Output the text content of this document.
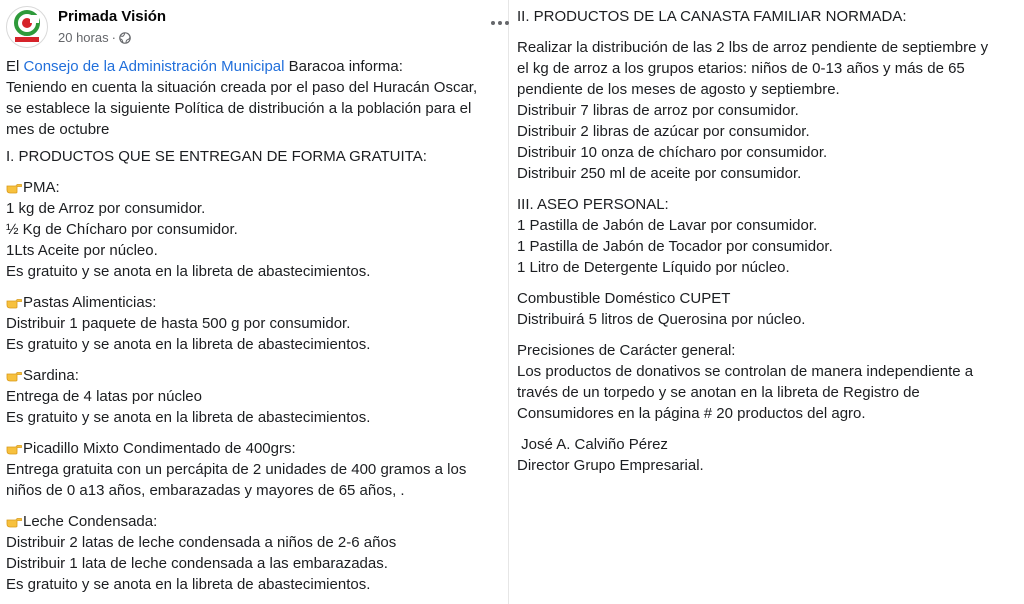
Primada Visión
20 horas ·
El Consejo de la Administración Municipal Baracoa informa:
Teniendo en cuenta la situación creada por el paso del Huracán Oscar,
se establece la siguiente Política de distribución a la población para el
mes de octubre
I. PRODUCTOS QUE SE ENTREGAN DE FORMA GRATUITA:
PMA:
1 kg de Arroz por consumidor.
½ Kg de Chícharo por consumidor.
1Lts Aceite por núcleo.
Es gratuito y se anota en la libreta de abastecimientos.
Pastas Alimenticias:
Distribuir 1 paquete de hasta 500 g por consumidor.
Es gratuito y se anota en la libreta de abastecimientos.
Sardina:
Entrega de 4 latas por núcleo
Es gratuito y se anota en la libreta de abastecimientos.
Picadillo Mixto Condimentado de 400grs:
Entrega gratuita con un percápita de 2 unidades de 400 gramos a los
niños de 0 a13 años, embarazadas y mayores de 65 años, .
Leche Condensada:
Distribuir 2 latas de leche condensada a niños de 2-6 años
Distribuir 1 lata de leche condensada a las embarazadas.
Es gratuito y se anota en la libreta de abastecimientos.
II. PRODUCTOS DE LA CANASTA FAMILIAR NORMADA:
Realizar la distribución de las 2 lbs de arroz pendiente de septiembre y
el kg de arroz a los grupos etarios: niños de 0-13 años y más de 65
pendiente de los meses de agosto y septiembre.
Distribuir 7 libras de arroz por consumidor.
Distribuir 2 libras de azúcar por consumidor.
Distribuir 10 onza de chícharo por consumidor.
Distribuir 250 ml de aceite por consumidor.
III. ASEO PERSONAL:
1 Pastilla de Jabón de Lavar por consumidor.
1 Pastilla de Jabón de Tocador por consumidor.
1 Litro de Detergente Líquido por núcleo.
Combustible Doméstico CUPET
Distribuirá 5 litros de Querosina por núcleo.
Precisiones de Carácter general:
Los productos de donativos se controlan de manera independiente a
través de un torpedo y se anotan en la libreta de Registro de
Consumidores en la página # 20 productos del agro.
José A. Calviño Pérez
Director Grupo Empresarial.
